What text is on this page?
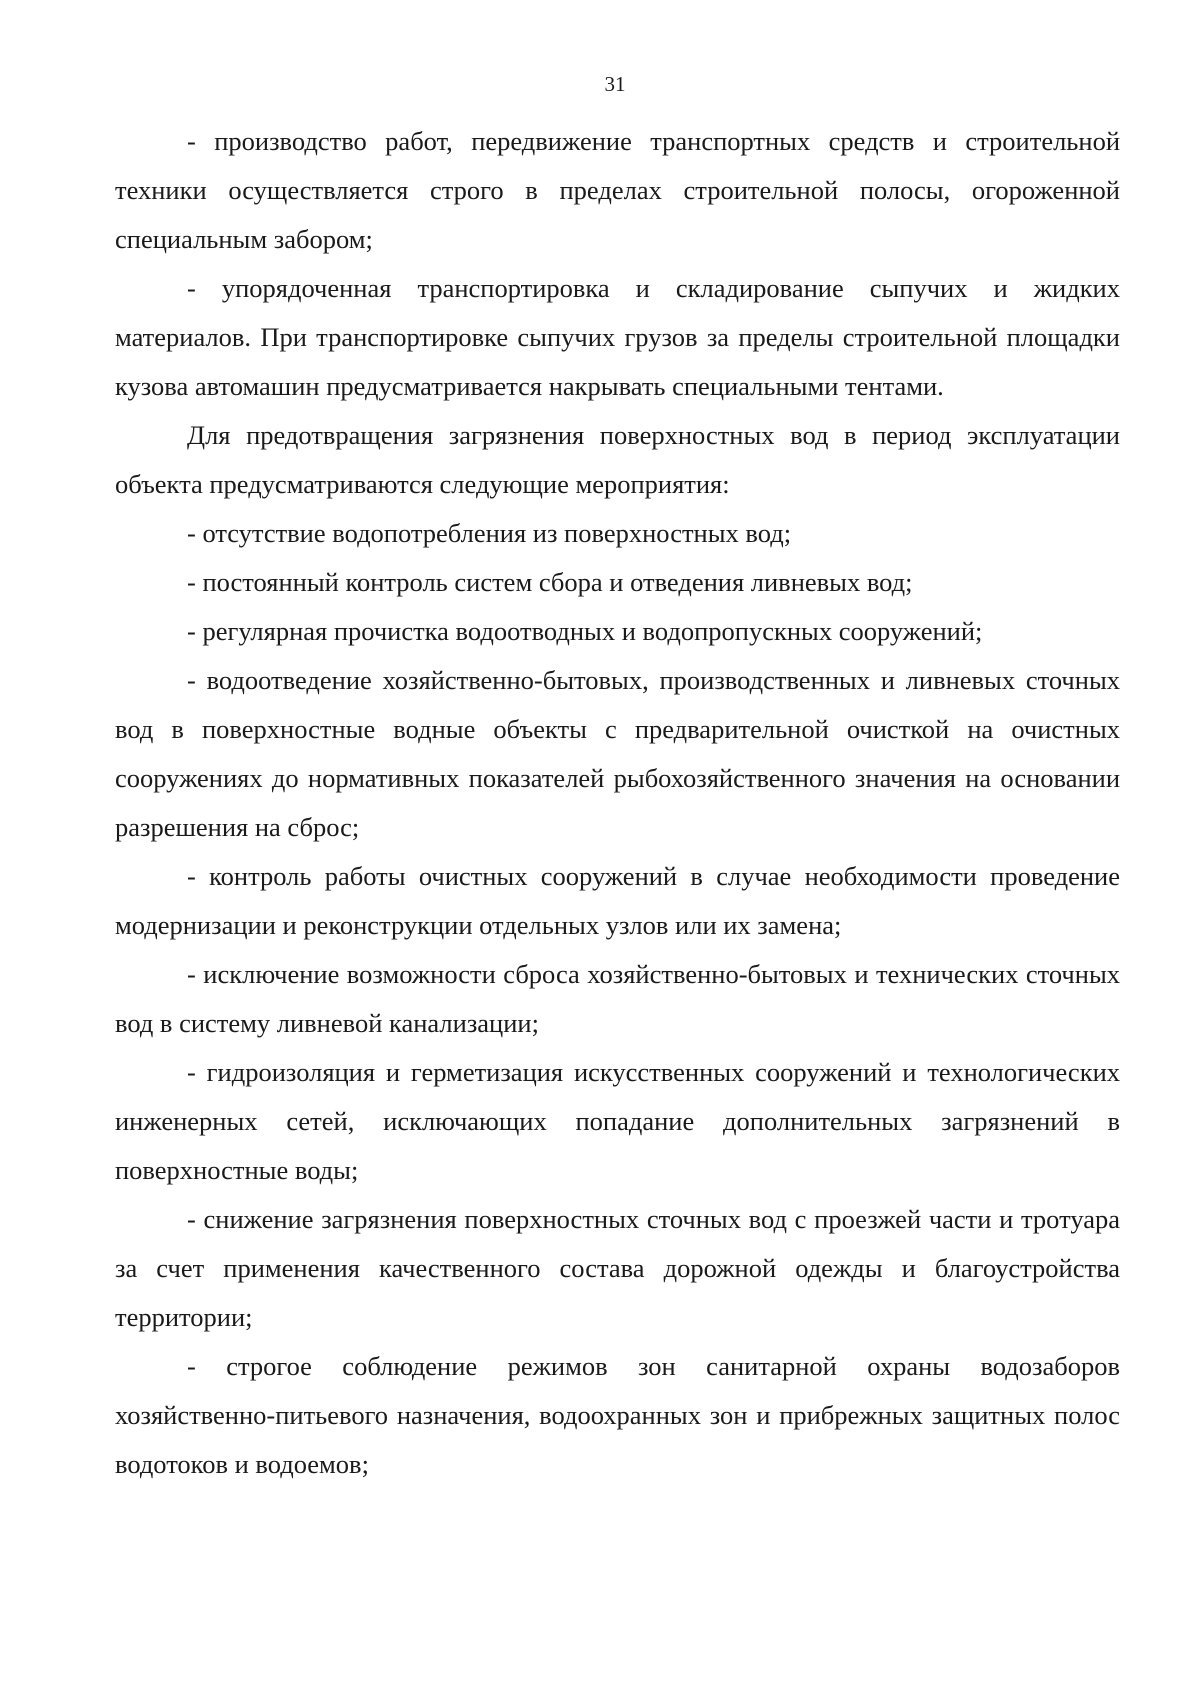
31

- производство работ, передвижение транспортных средств и строительной техники осуществляется строго в пределах строительной полосы, огороженной специальным забором;

- упорядоченная транспортировка и складирование сыпучих и жидких материалов. При транспортировке сыпучих грузов за пределы строительной площадки кузова автомашин предусматривается накрывать специальными тентами.

Для предотвращения загрязнения поверхностных вод в период эксплуатации объекта предусматриваются следующие мероприятия:

- отсутствие водопотребления из поверхностных вод;

- постоянный контроль систем сбора и отведения ливневых вод;

- регулярная прочистка водоотводных и водопропускных сооружений;

- водоотведение хозяйственно-бытовых, производственных и ливневых сточных вод в поверхностные водные объекты с предварительной очисткой на очистных сооружениях до нормативных показателей рыбохозяйственного значения на основании разрешения на сброс;

- контроль работы очистных сооружений в случае необходимости проведение модернизации и реконструкции отдельных узлов или их замена;

- исключение возможности сброса хозяйственно-бытовых и технических сточных вод в систему ливневой канализации;

- гидроизоляция и герметизация искусственных сооружений и технологических инженерных сетей, исключающих попадание дополнительных загрязнений в поверхностные воды;

- снижение загрязнения поверхностных сточных вод с проезжей части и тротуара за счет применения качественного состава дорожной одежды и благоустройства территории;

- строгое соблюдение режимов зон санитарной охраны водозаборов хозяйственно-питьевого назначения, водоохранных зон и прибрежных защитных полос водотоков и водоемов;
